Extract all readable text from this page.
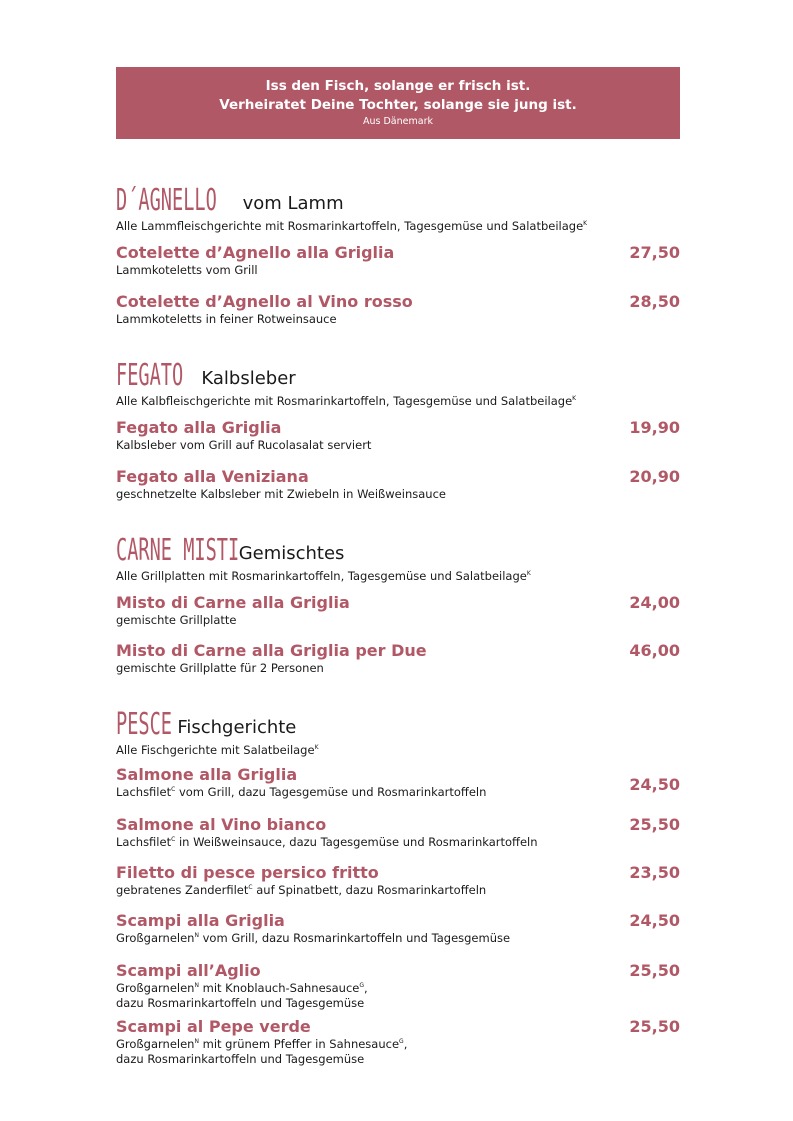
Iss den Fisch, solange er frisch ist.
Verheiratet Deine Tochter, solange sie jung ist.
Aus Dänemark
D´AGNELLO vom Lamm
Alle Lammfleischgerichte mit Rosmarinkartoffeln, Tagesgemüse und Salatbeilage$^K$
Cotelette d’Agnello alla Griglia
Lammkoteletts vom Grill
27,50
Cotelette d’Agnello al Vino rosso
Lammkoteletts in feiner Rotweinsauce
28,50
FEGATO Kalbsleber
Alle Kalbfleischgerichte mit Rosmarinkartoffeln, Tagesgemüse und Salatbeilage$^K$
Fegato alla Griglia
Kalbsleber vom Grill auf Rucolasalat serviert
19,90
Fegato alla Veniziana
geschnetzelte Kalbsleber mit Zwiebeln in Weißweinsauce
20,90
CARNE MISTIGemischtes
Alle Grillplatten mit Rosmarinkartoffeln, Tagesgemüse und Salatbeilage$^K$
Misto di Carne alla Griglia
gemischte Grillplatte
24,00
Misto di Carne alla Griglia per Due
gemischte Grillplatte für 2 Personen
46,00
PESCE Fischgerichte
Alle Fischgerichte mit Salatbeilage$^K$
Salmone alla Griglia
Lachsfilet$^C$ vom Grill, dazu Tagesgemüse und Rosmarinkartoffeln	24,50
Salmone al Vino bianco
Lachsfilet$^C$ in Weißweinsauce, dazu Tagesgemüse und Rosmarinkartoffeln
25,50
Filetto di pesce persico fritto
gebratenes Zanderfilet$^C$ auf Spinatbett, dazu Rosmarinkartoffeln
23,50
Scampi alla Griglia
Großgarnelen$^N$ vom Grill, dazu Rosmarinkartoffeln und Tagesgemüse
24,50
Scampi all’Aglio
Großgarnelen$^N$ mit Knoblauch-Sahnesauce$^G$,
dazu Rosmarinkartoffeln und Tagesgemüse
25,50
Scampi al Pepe verde
Großgarnelen$^N$ mit grünem Pfeffer in Sahnesauce$^G$,
dazu Rosmarinkartoffeln und Tagesgemüse
25,50
